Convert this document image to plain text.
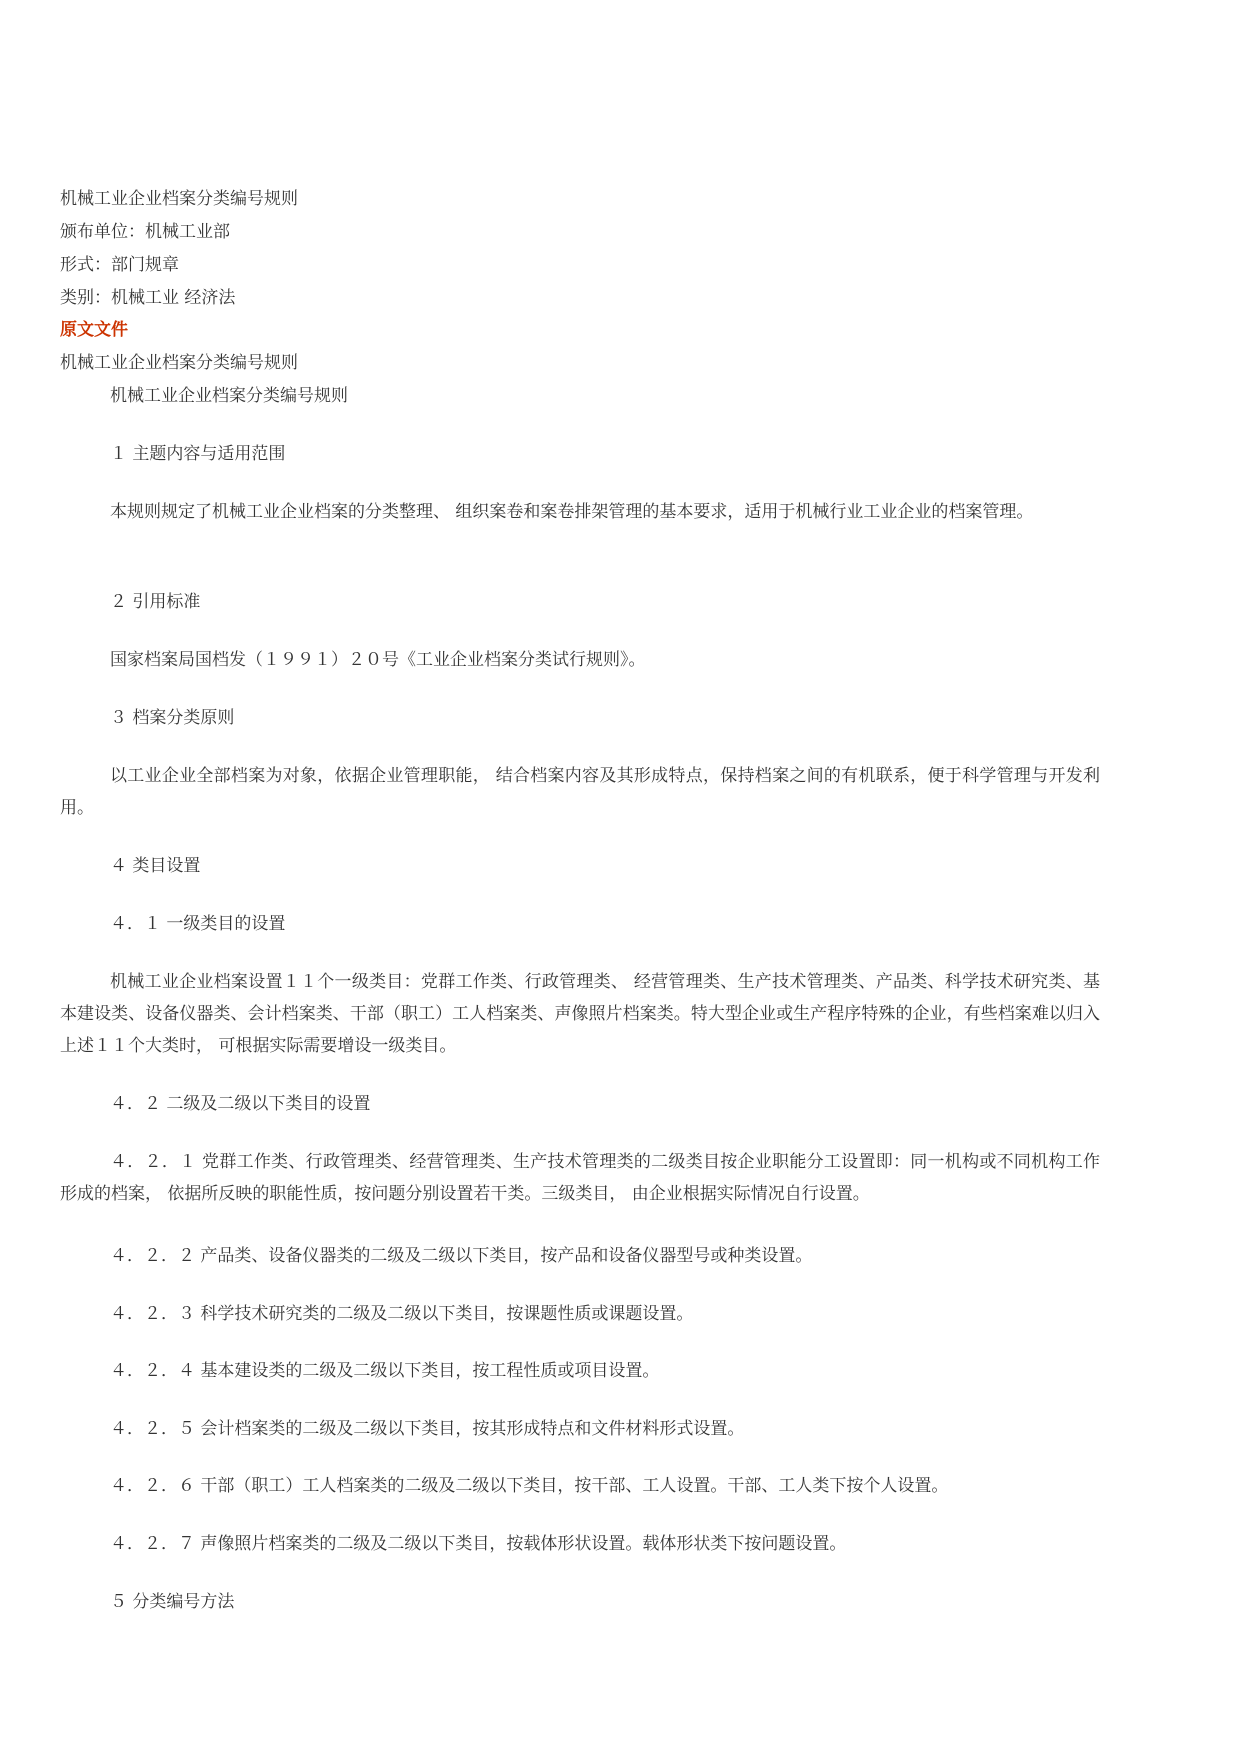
机械工业企业档案分类编号规则
颁布单位：机械工业部
形式：部门规章
类别：机械工业 经济法
原文文件
机械工业企业档案分类编号规则
机械工业企业档案分类编号规则
１ 主题内容与适用范围
本规则规定了机械工业企业档案的分类整理、 组织案卷和案卷排架管理的基本要求，适用于机械行业工业企业的档案管理。
２ 引用标准
国家档案局国档发（１９９１）２０号《工业企业档案分类试行规则》。
３ 档案分类原则
以工业企业全部档案为对象，依据企业管理职能， 结合档案内容及其形成特点，保持档案之间的有机联系，便于科学管理与开发利用。
４ 类目设置
４．１ 一级类目的设置
机械工业企业档案设置１１个一级类目：党群工作类、行政管理类、 经营管理类、生产技术管理类、产品类、科学技术研究类、基本建设类、设备仪器类、会计档案类、干部（职工）工人档案类、声像照片档案类。特大型企业或生产程序特殊的企业，有些档案难以归入上述１１个大类时， 可根据实际需要增设一级类目。
４．２ 二级及二级以下类目的设置
４．２．１ 党群工作类、行政管理类、经营管理类、生产技术管理类的二级类目按企业职能分工设置即：同一机构或不同机构工作形成的档案， 依据所反映的职能性质，按问题分别设置若干类。三级类目， 由企业根据实际情况自行设置。
４．２．２ 产品类、设备仪器类的二级及二级以下类目，按产品和设备仪器型号或种类设置。
４．２．３ 科学技术研究类的二级及二级以下类目，按课题性质或课题设置。
４．２．４ 基本建设类的二级及二级以下类目，按工程性质或项目设置。
４．２．５ 会计档案类的二级及二级以下类目，按其形成特点和文件材料形式设置。
４．２．６ 干部（职工）工人档案类的二级及二级以下类目，按干部、工人设置。干部、工人类下按个人设置。
４．２．７ 声像照片档案类的二级及二级以下类目，按载体形状设置。载体形状类下按问题设置。
５ 分类编号方法
